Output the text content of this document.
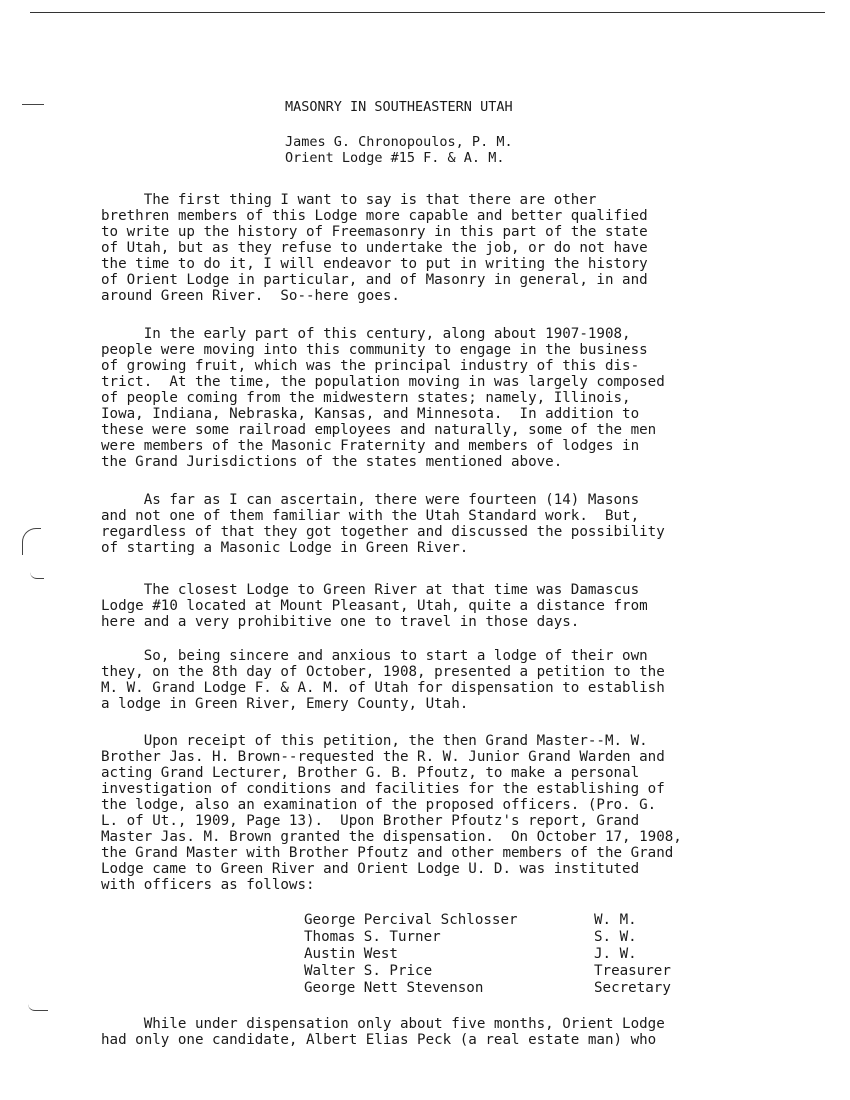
MASONRY IN SOUTHEASTERN UTAH
James G. Chronopoulos, P. M.
Orient Lodge #15 F. & A. M.
The first thing I want to say is that there are other
brethren members of this Lodge more capable and better qualified
to write up the history of Freemasonry in this part of the state
of Utah, but as they refuse to undertake the job, or do not have
the time to do it, I will endeavor to put in writing the history
of Orient Lodge in particular, and of Masonry in general, in and
around Green River.  So--here goes.
In the early part of this century, along about 1907-1908,
people were moving into this community to engage in the business
of growing fruit, which was the principal industry of this dis-
trict.  At the time, the population moving in was largely composed
of people coming from the midwestern states; namely, Illinois,
Iowa, Indiana, Nebraska, Kansas, and Minnesota.  In addition to
these were some railroad employees and naturally, some of the men
were members of the Masonic Fraternity and members of lodges in
the Grand Jurisdictions of the states mentioned above.
As far as I can ascertain, there were fourteen (14) Masons
and not one of them familiar with the Utah Standard work.  But,
regardless of that they got together and discussed the possibility
of starting a Masonic Lodge in Green River.
The closest Lodge to Green River at that time was Damascus
Lodge #10 located at Mount Pleasant, Utah, quite a distance from
here and a very prohibitive one to travel in those days.
So, being sincere and anxious to start a lodge of their own
they, on the 8th day of October, 1908, presented a petition to the
M. W. Grand Lodge F. & A. M. of Utah for dispensation to establish
a lodge in Green River, Emery County, Utah.
Upon receipt of this petition, the then Grand Master--M. W.
Brother Jas. H. Brown--requested the R. W. Junior Grand Warden and
acting Grand Lecturer, Brother G. B. Pfoutz, to make a personal
investigation of conditions and facilities for the establishing of
the lodge, also an examination of the proposed officers. (Pro. G.
L. of Ut., 1909, Page 13).  Upon Brother Pfoutz's report, Grand
Master Jas. M. Brown granted the dispensation.  On October 17, 1908,
the Grand Master with Brother Pfoutz and other members of the Grand
Lodge came to Green River and Orient Lodge U. D. was instituted
with officers as follows:
George Percival Schlosser	W. M.
Thomas S. Turner	S. W.
Austin West	J. W.
Walter S. Price	Treasurer
George Nett Stevenson	Secretary
While under dispensation only about five months, Orient Lodge
had only one candidate, Albert Elias Peck (a real estate man) who
